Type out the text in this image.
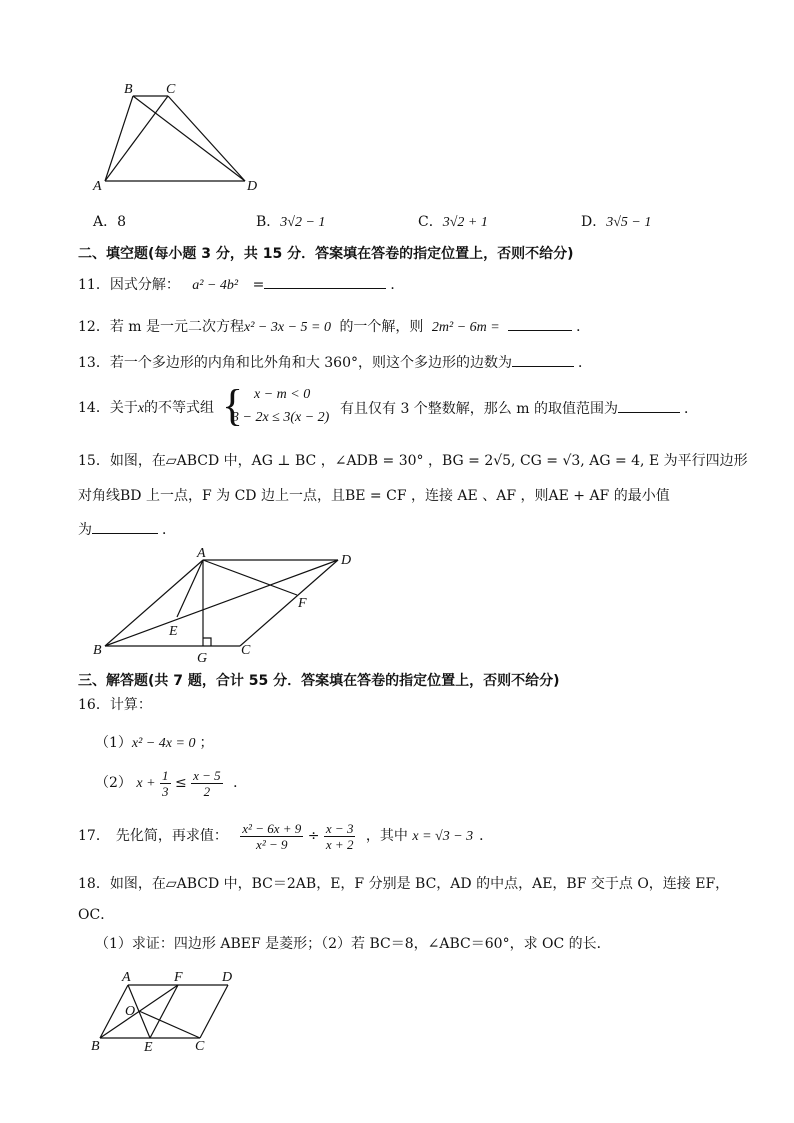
A
B C
D
A．8	B．3√2 − 1	C．3√2 + 1	D．3√5 − 1
二、填空题(每小题 3 分，共 15 分．答案填在答卷的指定位置上，否则不给分)
11．因式分解： a² − 4b² =	．
12．若 m 是一元二次方程x² − 3x − 5 = 0 的一个解，则 2m² − 6m =	．
13．若一个多边形的内角和比外角和大 360°，则这个多边形的边数为	．
14．关于x的不等式组 { x − m < 0
3 − 2x ≤ 3(x − 2)
有且仅有 3 个整数解，那么 m 的取值范围为	．
15．如图，在▱ABCD 中，AG ⊥ BC ，∠ADB = 30° ，BG = 2√5, CG = √3, AG = 4, E 为平行四边形
对角线BD 上一点，F 为 CD 边上一点，且BE = CF ，连接 AE 、AF ，则AE + AF 的最小值
为	．
A
B	C
D
E
F
G
三、解答题(共 7 题，合计 55 分．答案填在答卷的指定位置上，否则不给分)
16．计算：
（1）x² − 4x = 0 ；
（2） $x + \frac{1}{3} \le \frac{x - 5}{2}$ ．
17． 先化简，再求值： $\frac{\text{x² − 6x + 9}}{\text{x² − 9}} \div \frac{x - 3}{x + 2}$ ，其中 x = √3 − 3 ．
18．如图，在▱ABCD 中，BC＝2AB，E，F 分别是 BC，AD 的中点，AE，BF 交于点 O，连接 EF，
OC．
（1）求证：四边形 ABEF 是菱形；（2）若 BC＝8，∠ABC＝60°，求 OC 的长．
A	F	D
O
B	E	C
